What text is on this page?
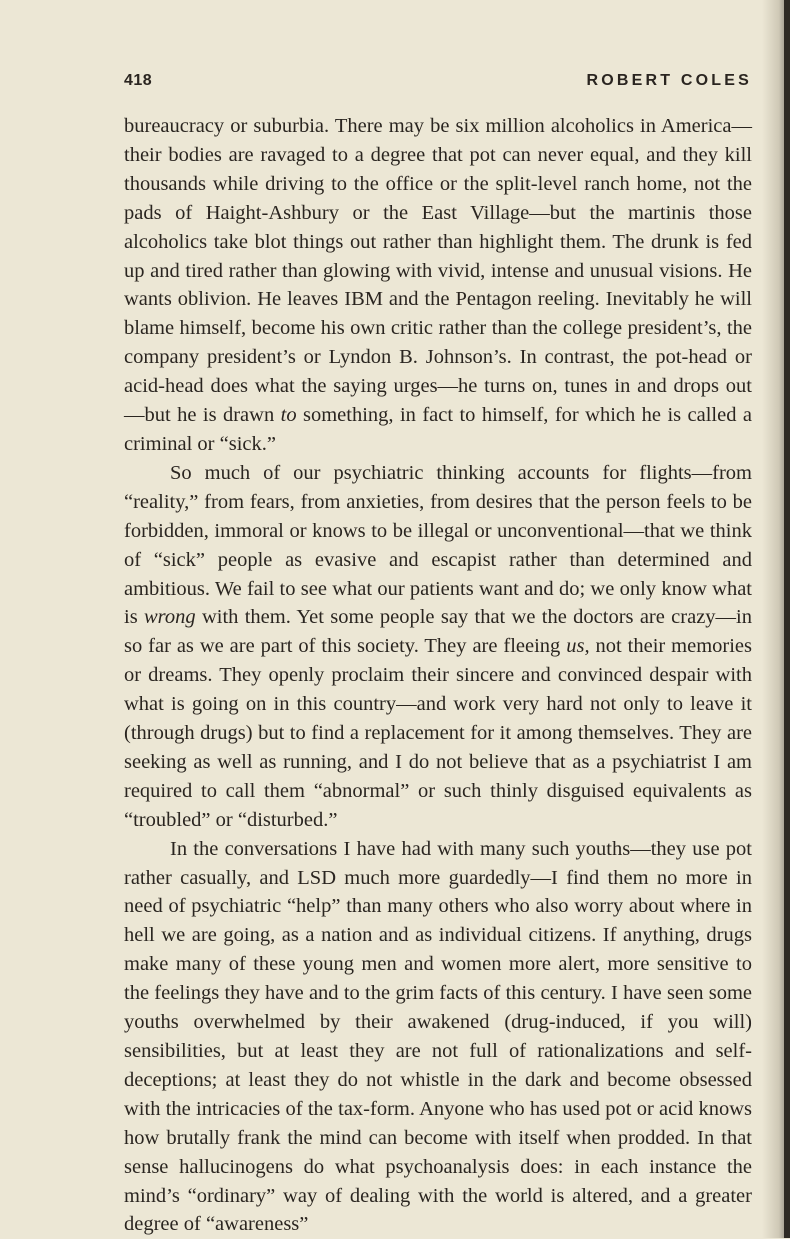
418	ROBERT COLES

bureaucracy or suburbia. There may be six million alcoholics in America—their bodies are ravaged to a degree that pot can never equal, and they kill thousands while driving to the office or the split-level ranch home, not the pads of Haight-Ashbury or the East Village—but the martinis those alcoholics take blot things out rather than highlight them. The drunk is fed up and tired rather than glowing with vivid, intense and unusual visions. He wants oblivion. He leaves IBM and the Pentagon reeling. Inevitably he will blame himself, become his own critic rather than the college president’s, the company president’s or Lyndon B. Johnson’s. In contrast, the pot-head or acid-head does what the saying urges—he turns on, tunes in and drops out—but he is drawn to something, in fact to himself, for which he is called a criminal or “sick.”

So much of our psychiatric thinking accounts for flights—from “reality,” from fears, from anxieties, from desires that the person feels to be forbidden, immoral or knows to be illegal or unconventional—that we think of “sick” people as evasive and escapist rather than determined and ambitious. We fail to see what our patients want and do; we only know what is wrong with them. Yet some people say that we the doctors are crazy—in so far as we are part of this society. They are fleeing us, not their memories or dreams. They openly proclaim their sincere and convinced despair with what is going on in this country—and work very hard not only to leave it (through drugs) but to find a replacement for it among themselves. They are seeking as well as running, and I do not believe that as a psychiatrist I am required to call them “abnormal” or such thinly disguised equivalents as “troubled” or “disturbed.”

In the conversations I have had with many such youths—they use pot rather casually, and LSD much more guardedly—I find them no more in need of psychiatric “help” than many others who also worry about where in hell we are going, as a nation and as individual citizens. If anything, drugs make many of these young men and women more alert, more sensitive to the feelings they have and to the grim facts of this century. I have seen some youths overwhelmed by their awakened (drug-induced, if you will) sensibilities, but at least they are not full of rationalizations and self-deceptions; at least they do not whistle in the dark and become obsessed with the intricacies of the tax-form. Anyone who has used pot or acid knows how brutally frank the mind can become with itself when prodded. In that sense hallucinogens do what psychoanalysis does: in each instance the mind’s “ordinary” way of dealing with the world is altered, and a greater degree of “awareness”
